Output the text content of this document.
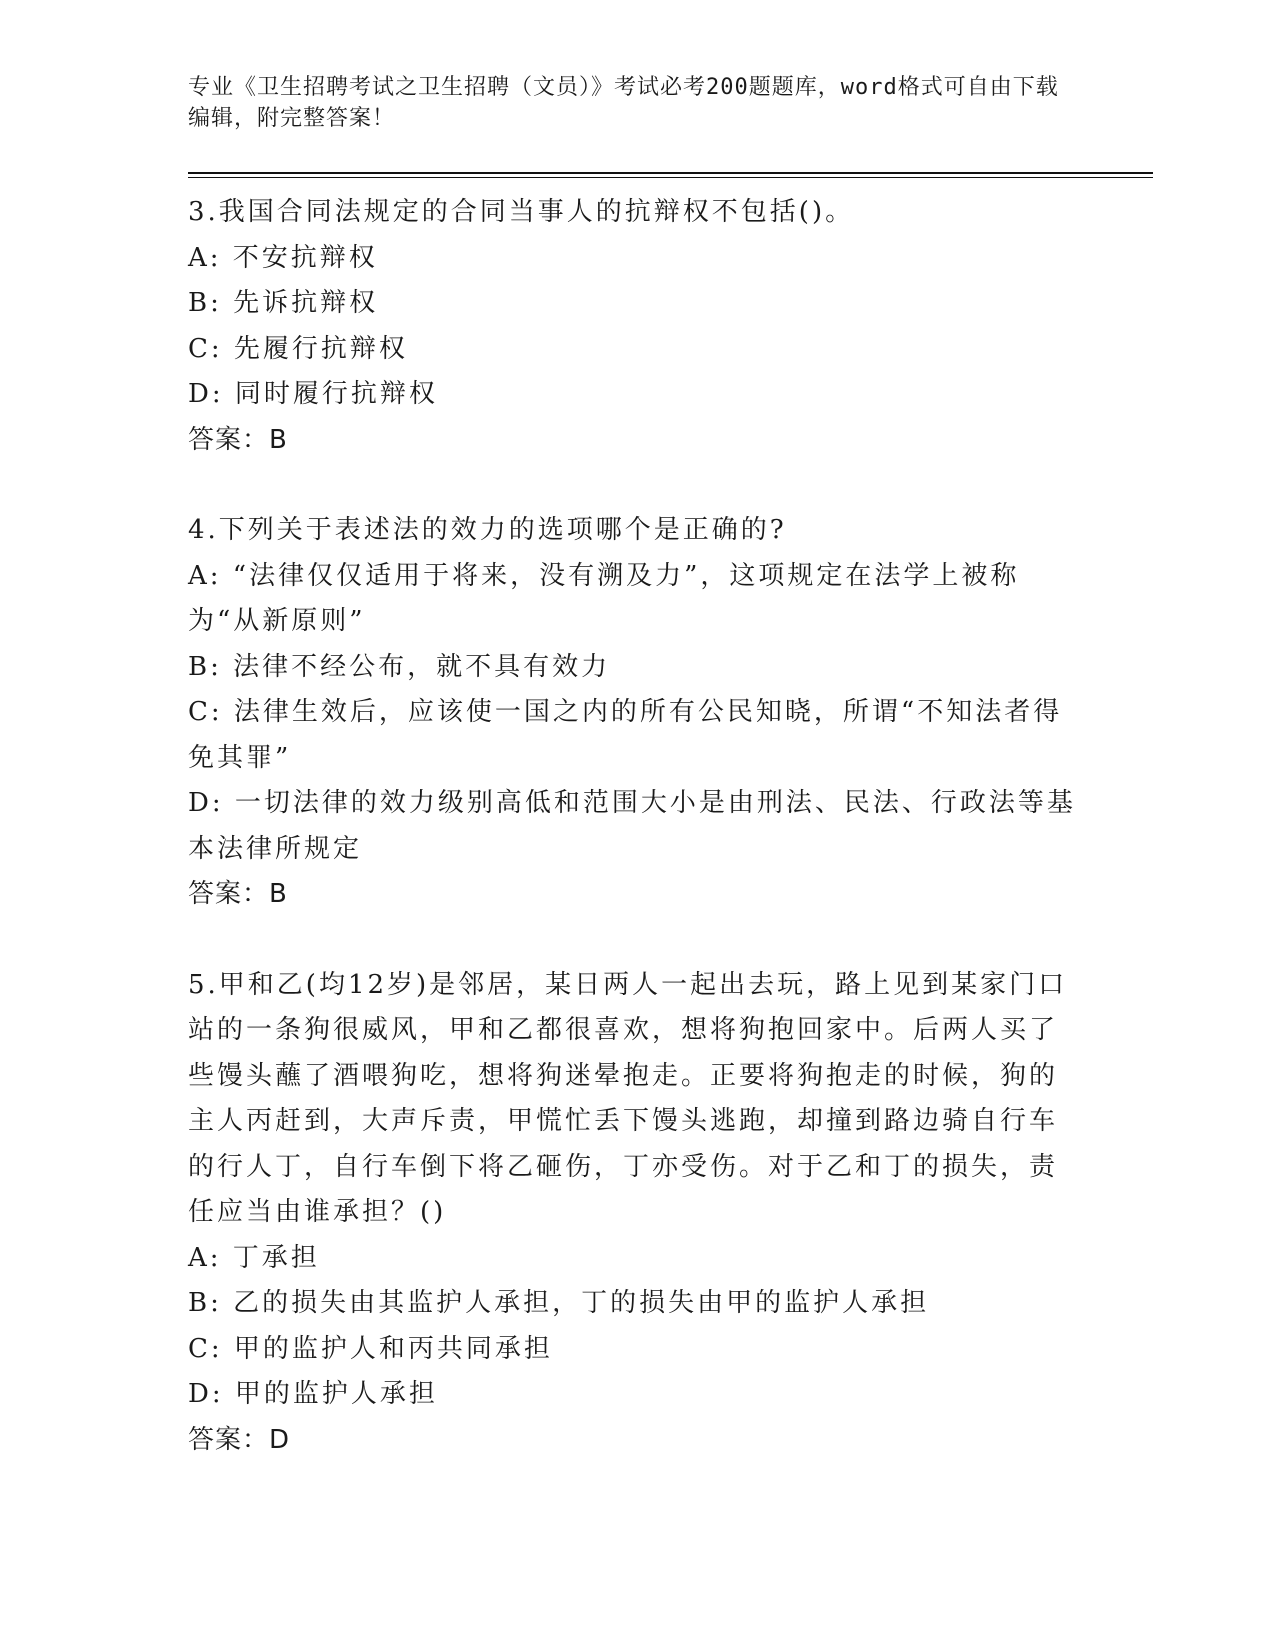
专业《卫生招聘考试之卫生招聘（文员）》考试必考200题题库，word格式可自由下载编辑，附完整答案！

3.我国合同法规定的合同当事人的抗辩权不包括()。

A: 不安抗辩权

B: 先诉抗辩权

C: 先履行抗辩权

D: 同时履行抗辩权

答案：B

4.下列关于表述法的效力的选项哪个是正确的?

A: “法律仅仅适用于将来，没有溯及力”，这项规定在法学上被称为“从新原则”

B: 法律不经公布，就不具有效力

C: 法律生效后，应该使一国之内的所有公民知晓，所谓“不知法者得免其罪”

D: 一切法律的效力级别高低和范围大小是由刑法、民法、行政法等基本法律所规定

答案：B

5.甲和乙(均12岁)是邻居，某日两人一起出去玩，路上见到某家门口站的一条狗很威风，甲和乙都很喜欢，想将狗抱回家中。后两人买了些馒头蘸了酒喂狗吃，想将狗迷晕抱走。正要将狗抱走的时候，狗的主人丙赶到，大声斥责，甲慌忙丢下馒头逃跑，却撞到路边骑自行车的行人丁，自行车倒下将乙砸伤，丁亦受伤。对于乙和丁的损失，责任应当由谁承担？()

A: 丁承担

B: 乙的损失由其监护人承担，丁的损失由甲的监护人承担

C: 甲的监护人和丙共同承担

D: 甲的监护人承担

答案：D
